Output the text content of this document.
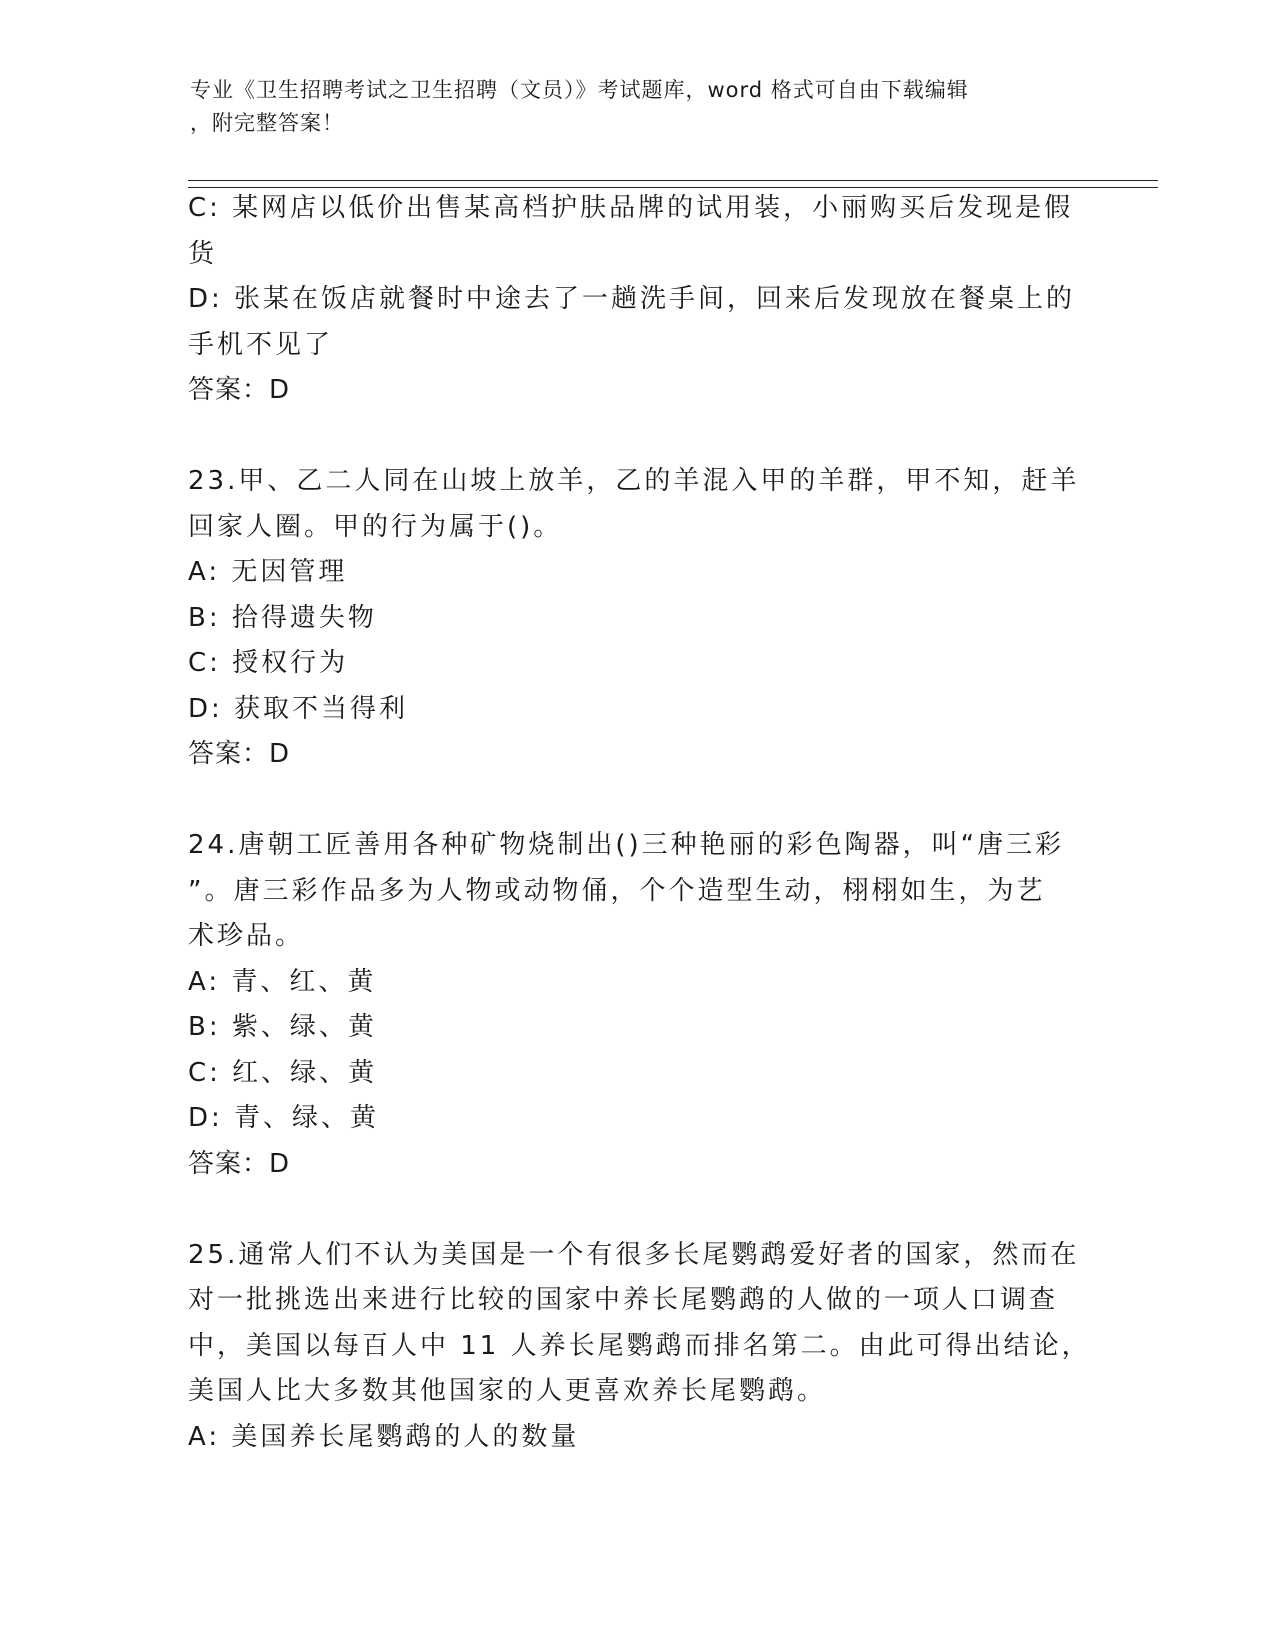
专业《卫生招聘考试之卫生招聘（文员）》考试题库，word 格式可自由下载编辑
，附完整答案！
C: 某网店以低价出售某高档护肤品牌的试用装，小丽购买后发现是假
货
D: 张某在饭店就餐时中途去了一趟洗手间，回来后发现放在餐桌上的
手机不见了
答案：D
23.甲、乙二人同在山坡上放羊，乙的羊混入甲的羊群，甲不知，赶羊
回家人圈。甲的行为属于()。
A: 无因管理
B: 拾得遗失物
C: 授权行为
D: 获取不当得利
答案：D
24.唐朝工匠善用各种矿物烧制出()三种艳丽的彩色陶器，叫“唐三彩
”。唐三彩作品多为人物或动物俑，个个造型生动，栩栩如生，为艺
术珍品。
A: 青、红、黄
B: 紫、绿、黄
C: 红、绿、黄
D: 青、绿、黄
答案：D
25.通常人们不认为美国是一个有很多长尾鹦鹉爱好者的国家，然而在
对一批挑选出来进行比较的国家中养长尾鹦鹉的人做的一项人口调查
中，美国以每百人中 11 人养长尾鹦鹉而排名第二。由此可得出结论，
美国人比大多数其他国家的人更喜欢养长尾鹦鹉。
A: 美国养长尾鹦鹉的人的数量
